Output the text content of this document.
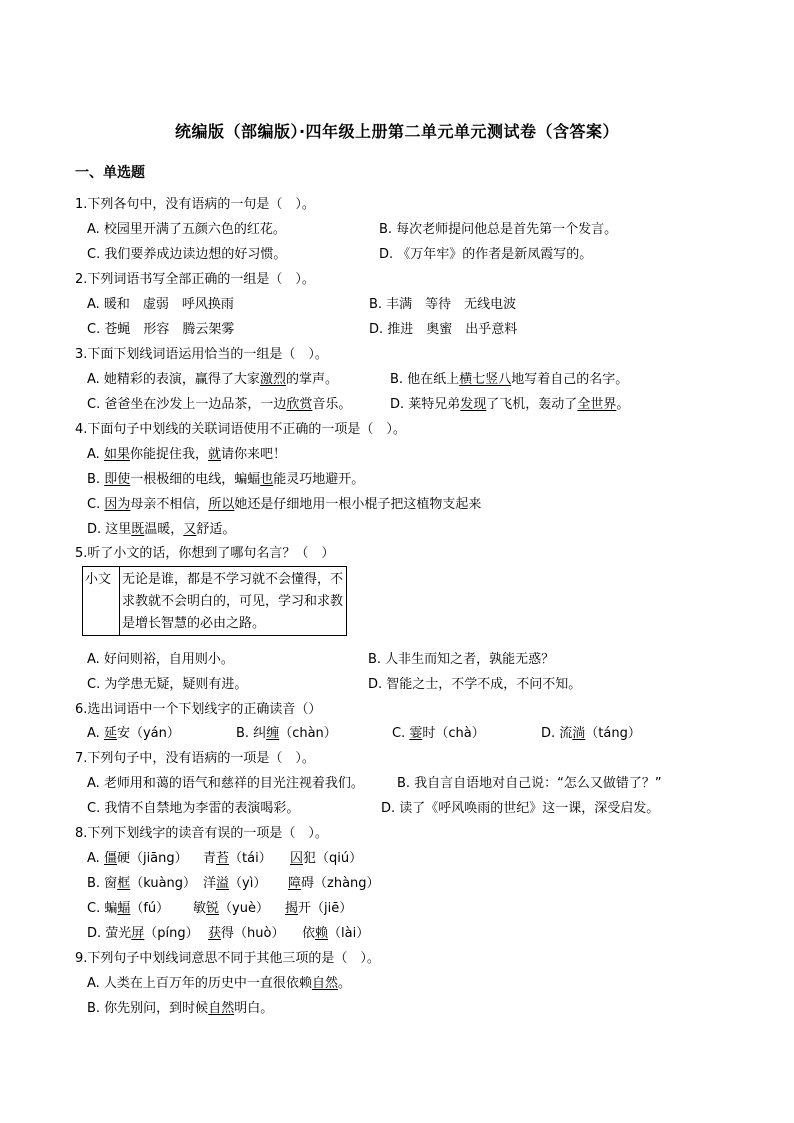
统编版（部编版）·四年级上册第二单元单元测试卷（含答案）
一、单选题
1.下列各句中，没有语病的一句是（　）。
A. 校园里开满了五颜六色的红花。	B. 每次老师提问他总是首先第一个发言。
C. 我们要养成边读边想的好习惯。	D. 《万年牢》的作者是新凤霞写的。
2.下列词语书写全部正确的一组是（　）。
A. 暖和　虚弱　呼风换雨	B. 丰满　等待　无线电波
C. 苍蝇　形容　腾云架雾	D. 推进　奥蜜　出乎意料
3.下面下划线词语运用恰当的一组是（　）。
A. 她精彩的表演，赢得了大家激烈的掌声。	B. 他在纸上横七竖八地写着自己的名字。
C. 爸爸坐在沙发上一边品茶，一边欣赏音乐。	D. 莱特兄弟发现了飞机，轰动了全世界。
4.下面句子中划线的关联词语使用不正确的一项是（　）。
A. 如果你能捉住我，就请你来吧！
B. 即使一根极细的电线，蝙蝠也能灵巧地避开。
C. 因为母亲不相信，所以她还是仔细地用一根小棍子把这植物支起来
D. 这里既温暖，又舒适。
5.听了小文的话，你想到了哪句名言？（　）
小文	无论是谁，都是不学习就不会懂得，不求教就不会明白的，可见，学习和求教是增长智慧的必由之路。
A. 好问则裕，自用则小。	B. 人非生而知之者，孰能无惑？
C. 为学患无疑，疑则有进。	D. 智能之士，不学不成，不问不知。
6.选出词语中一个下划线字的正确读音（）
A. 延安（yán）	B. 纠缠（chàn）	C. 霎时（chà）	D. 流淌（táng）
7.下列句子中，没有语病的一项是（　）。
A. 老师用和蔼的语气和慈祥的目光注视着我们。	B. 我自言自语地对自己说：“怎么又做错了？”
C. 我情不自禁地为李雷的表演喝彩。	D. 读了《呼风唤雨的世纪》这一课，深受启发。
8.下列下划线字的读音有误的一项是（　）。
A. 僵硬（jiāng） 青苔（tái） 囚犯（qiú）
B. 窗框（kuàng） 洋溢（yì） 障碍（zhàng）
C. 蝙蝠（fú） 敏锐（yuè） 揭开（jiē）
D. 萤光屏（píng） 获得（huò） 依赖（lài）
9.下列句子中划线词意思不同于其他三项的是（　）。
A. 人类在上百万年的历史中一直很依赖自然。
B. 你先别问，到时候自然明白。
